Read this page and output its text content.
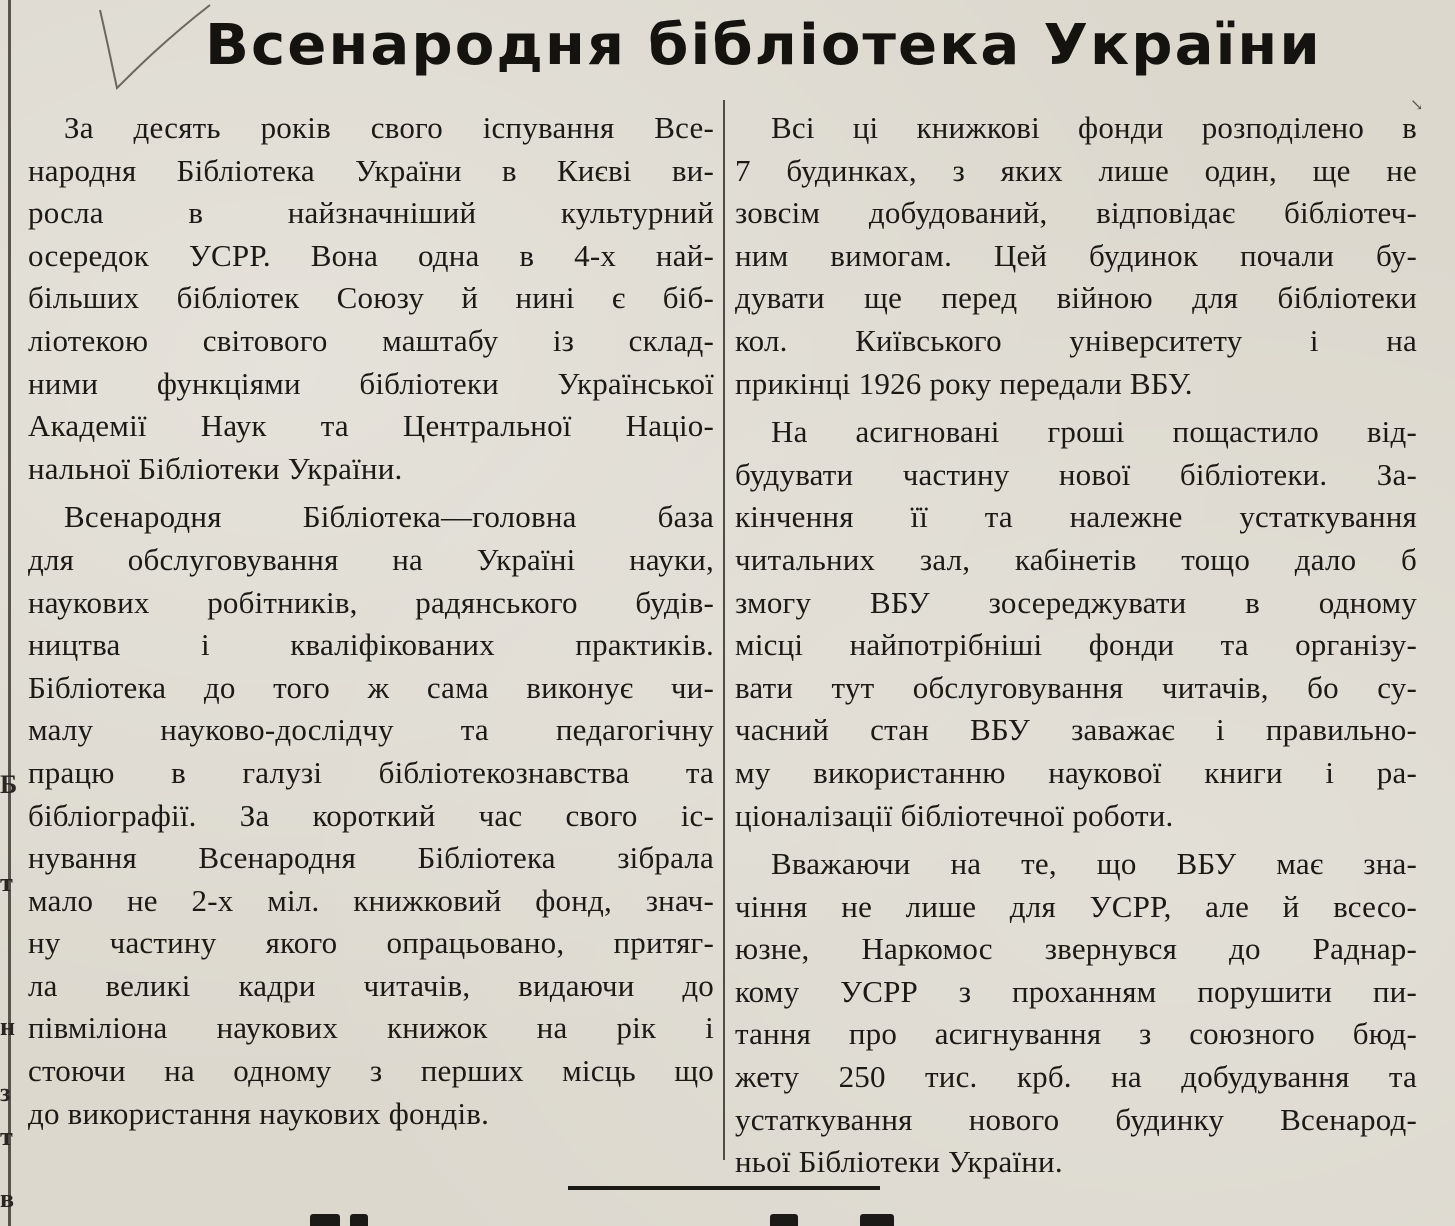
Б
т
н
з
т
в
Всенародня бібліотека України
За десять років свого іспування Все-
народня Бібліотека України в Києві ви-
росла в найзначніший культурний
осередок УСРР. Вона одна в 4-х най-
більших бібліотек Союзу й нині є біб-
ліотекою світового маштабу із склад-
ними функціями бібліотеки Української
Академії Наук та Центральної Націо-
нальної Бібліотеки України.
Всенародня Бібліотека—головна база
для обслуговування на Україні науки,
наукових робітників, радянського будів-
ництва і кваліфікованих практиків.
Бібліотека до того ж сама виконує чи-
малу науково-дослідчу та педагогічну
працю в галузі бібліотекознавства та
бібліографії. За короткий час свого іс-
нування Всенародня Бібліотека зібрала
мало не 2-х міл. книжковий фонд, знач-
ну частину якого опрацьовано, притяг-
ла великі кадри читачів, видаючи до
півміліона наукових книжок на рік і
стоючи на одному з перших місць що
до використання наукових фондів.
Всі ці книжкові фонди розподілено в
7 будинках, з яких лише один, ще не
зовсім добудований, відповідає бібліотеч-
ним вимогам. Цей будинок почали бу-
дувати ще перед війною для бібліотеки
кол. Київського університету і на
прикінці 1926 року передали ВБУ.
На асигновані гроші пощастило від-
будувати частину нової бібліотеки. За-
кінчення її та належне устаткування
читальних зал, кабінетів тощо дало б
змогу ВБУ зосереджувати в одному
місці найпотрібніші фонди та організу-
вати тут обслуговування читачів, бо су-
часний стан ВБУ заважає і правильно-
му використанню наукової книги і ра-
ціоналізації бібліотечної роботи.
Вважаючи на те, що ВБУ має зна-
чіння не лише для УСРР, але й всесо-
юзне, Наркомос звернувся до Раднар-
кому УСРР з проханням порушити пи-
тання про асигнування з союзного бюд-
жету 250 тис. крб. на добудування та
устаткування нового будинку Всенарод-
ньої Бібліотеки України.
↘
